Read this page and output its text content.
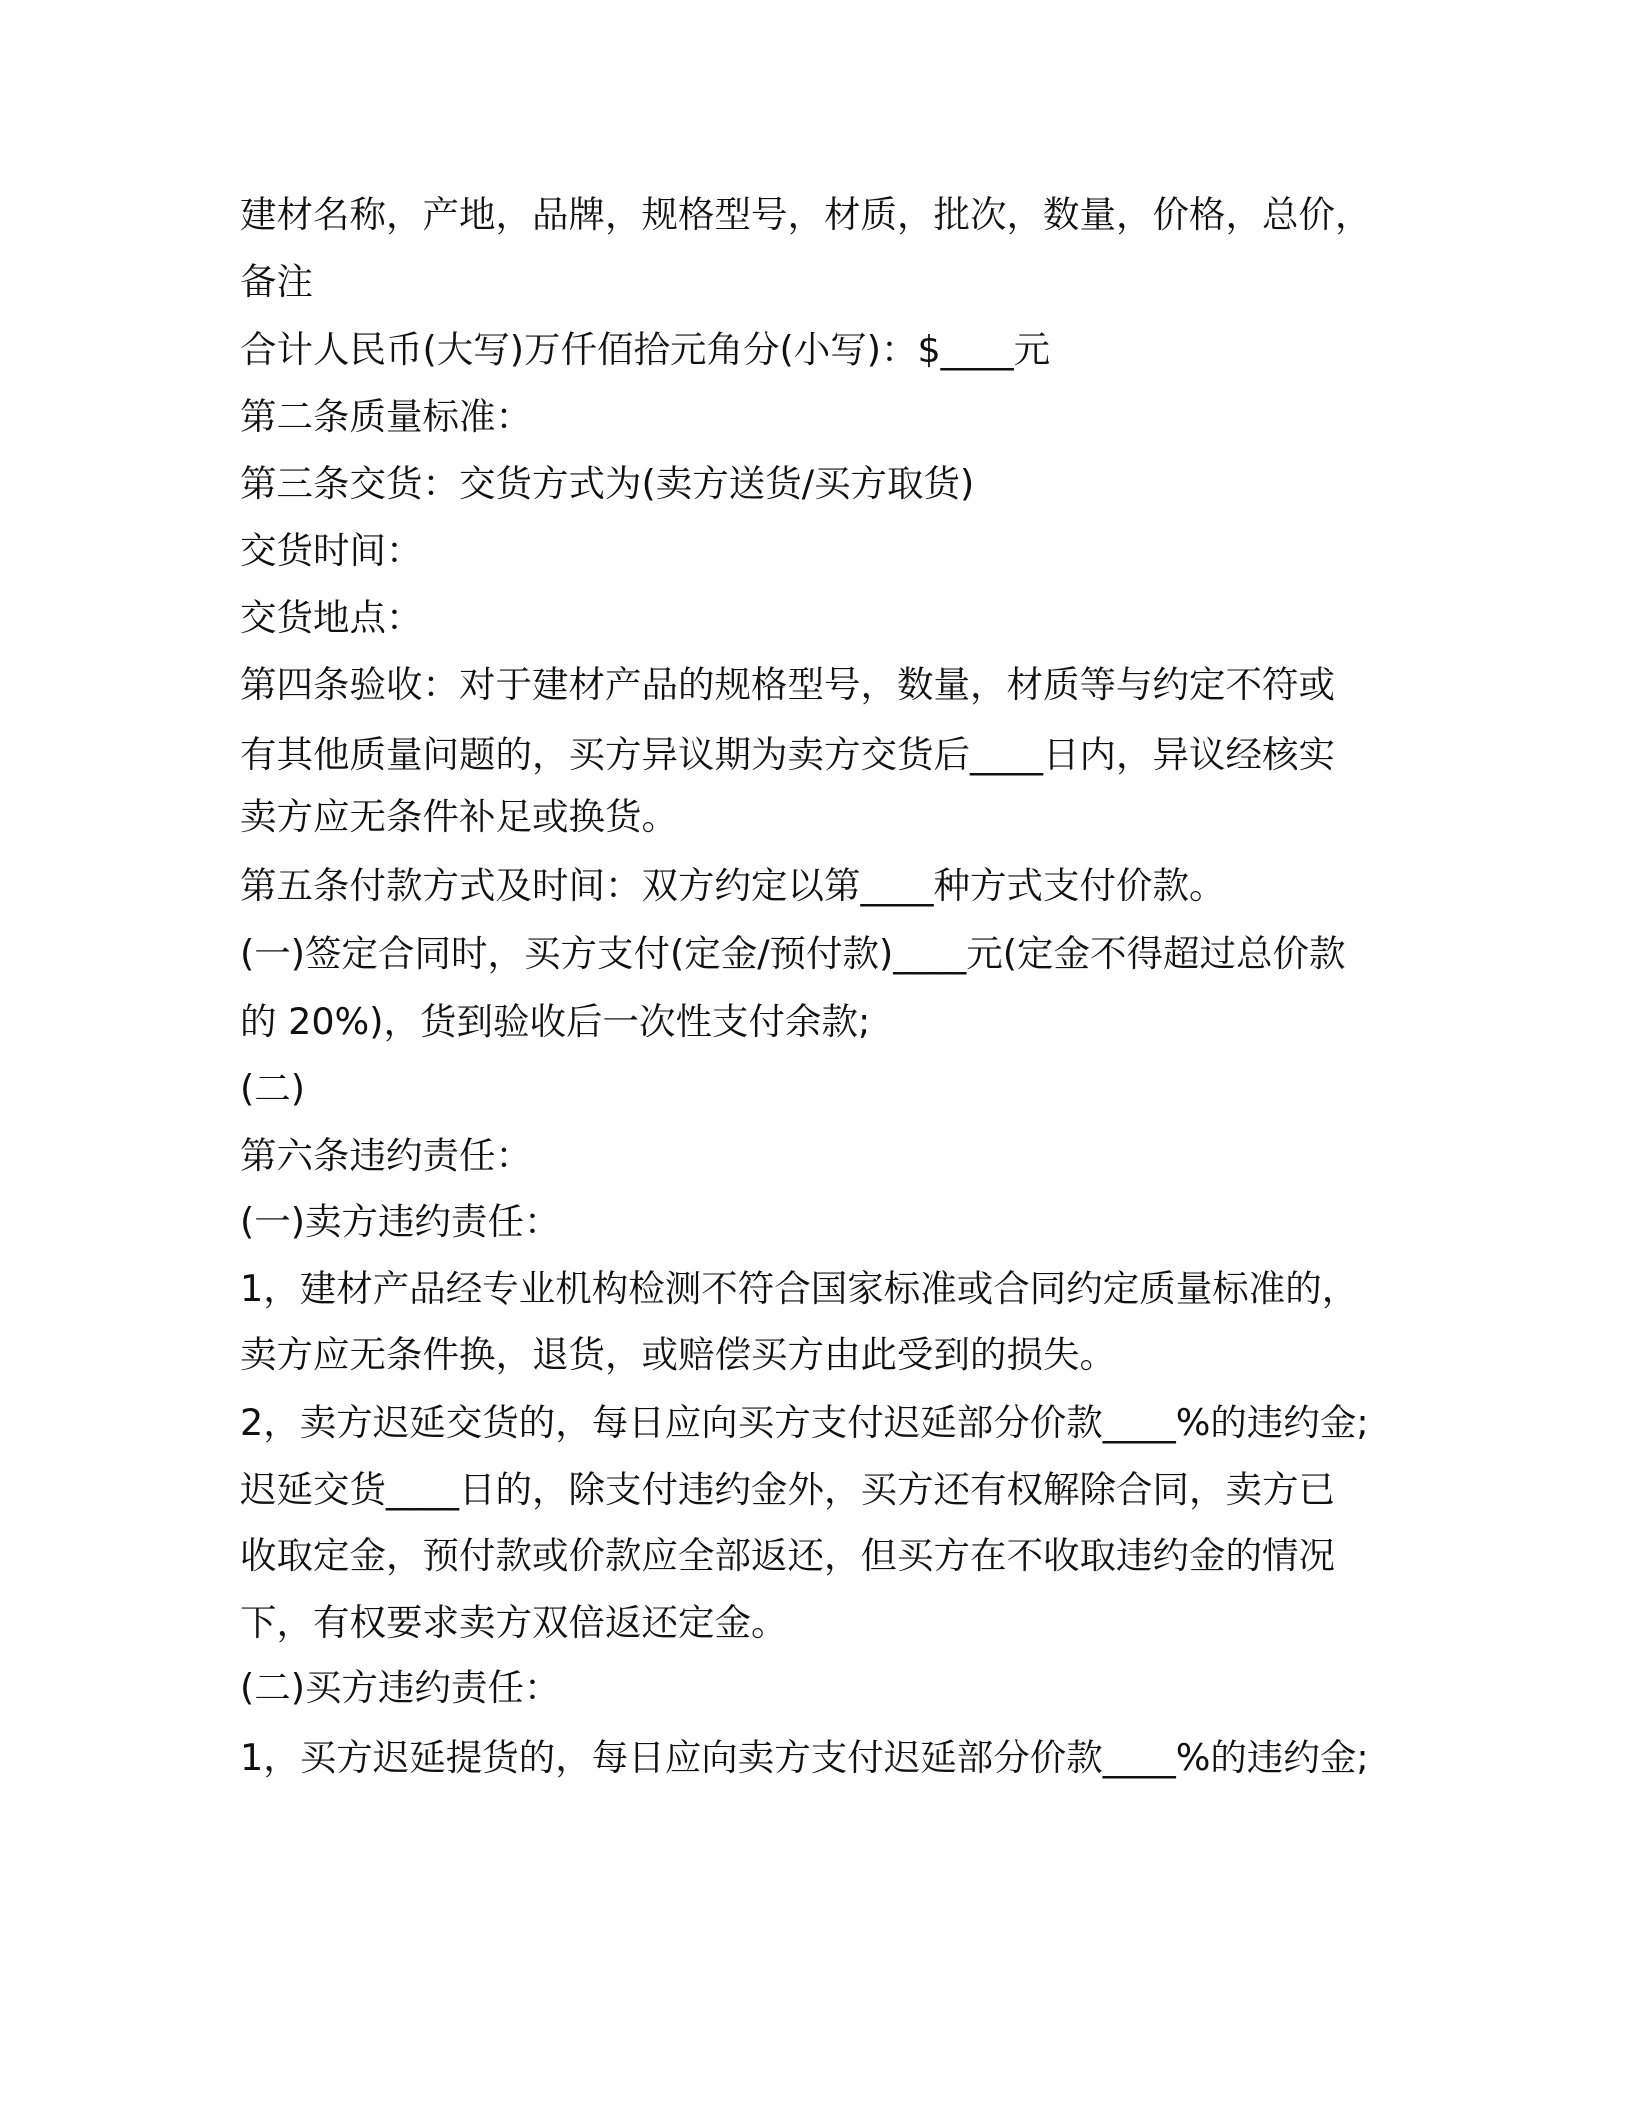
建材名称，产地，品牌，规格型号，材质，批次，数量，价格，总价，

备注

合计人民币(大写)万仟佰拾元角分(小写)：$____元

第二条质量标准：

第三条交货：交货方式为(卖方送货/买方取货)

交货时间：

交货地点：

第四条验收：对于建材产品的规格型号，数量，材质等与约定不符或

有其他质量问题的，买方异议期为卖方交货后____日内，异议经核实

卖方应无条件补足或换货。

第五条付款方式及时间：双方约定以第____种方式支付价款。

(一)签定合同时，买方支付(定金/预付款)____元(定金不得超过总价款

的 20%)，货到验收后一次性支付余款;

(二)

第六条违约责任：

(一)卖方违约责任：

1，建材产品经专业机构检测不符合国家标准或合同约定质量标准的，

卖方应无条件换，退货，或赔偿买方由此受到的损失。

2，卖方迟延交货的，每日应向买方支付迟延部分价款____%的违约金;

迟延交货____日的，除支付违约金外，买方还有权解除合同，卖方已

收取定金，预付款或价款应全部返还，但买方在不收取违约金的情况

下，有权要求卖方双倍返还定金。

(二)买方违约责任：

1，买方迟延提货的，每日应向卖方支付迟延部分价款____%的违约金;
